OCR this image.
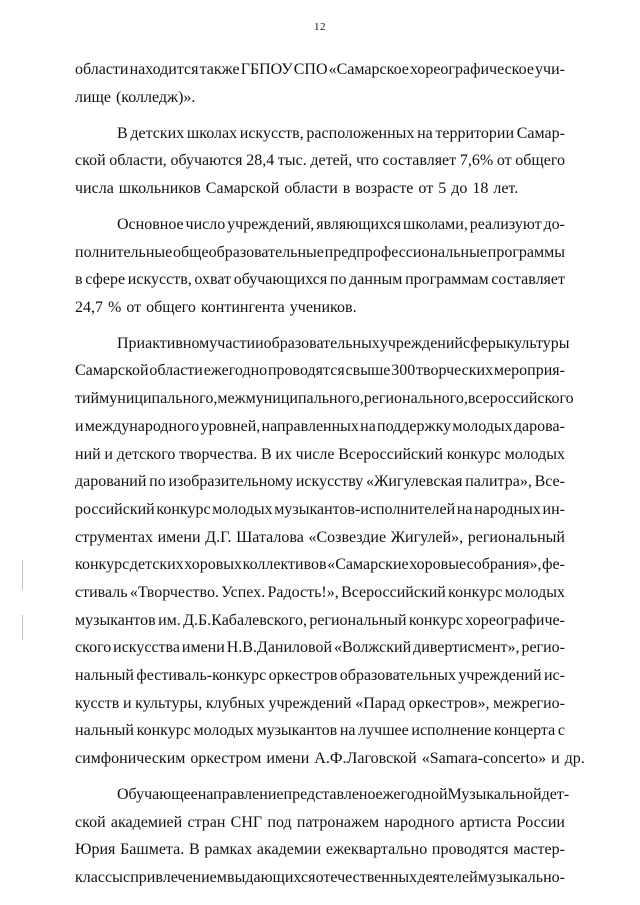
12
области находится также ГБПОУ СПО «Самарское хореографическое учи-
лище (колледж)».
В детских школах искусств, расположенных на территории Самар-
ской области, обучаются 28,4 тыс. детей, что составляет 7,6% от общего
числа школьников Самарской области в возрасте от 5 до 18 лет.
Основное число учреждений, являющихся школами, реализуют до-
полнительные общеобразовательные предпрофессиональные программы
в сфере искусств, охват обучающихся по данным программам составляет
24,7 % от общего контингента учеников.
При активном участии образовательных учреждений сферы культуры
Самарской области ежегодно проводятся свыше 300 творческих мероприя-
тий муниципального, межмуниципального, регионального, всероссийского
и международного уровней, направленных на поддержку молодых дарова-
ний и детского творчества. В их числе Всероссийский конкурс молодых
дарований по изобразительному искусству «Жигулевская палитра», Все-
российский конкурс молодых музыкантов-исполнителей на народных ин-
струментах имени Д.Г. Шаталова «Созвездие Жигулей», региональный
конкурс детских хоровых коллективов «Самарские хоровые собрания», фе-
стиваль «Творчество. Успех. Радость!», Всероссийский конкурс молодых
музыкантов им. Д.Б.Кабалевского, региональный конкурс хореографиче-
ского искусства имени Н.В.Даниловой «Волжский дивертисмент», регио-
нальный фестиваль-конкурс оркестров образовательных учреждений ис-
кусств и культуры, клубных учреждений «Парад оркестров», межрегио-
нальный конкурс молодых музыкантов на лучшее исполнение концерта с
симфоническим оркестром имени А.Ф.Лаговской «Samara-concerto» и др.
Обучающее направление представлено ежегодной Музыкальной дет-
ской академией стран СНГ под патронажем народного артиста России
Юрия Башмета. В рамках академии ежеквартально проводятся мастер-
классы с привлечением выдающихся отечественных деятелей музыкально-
